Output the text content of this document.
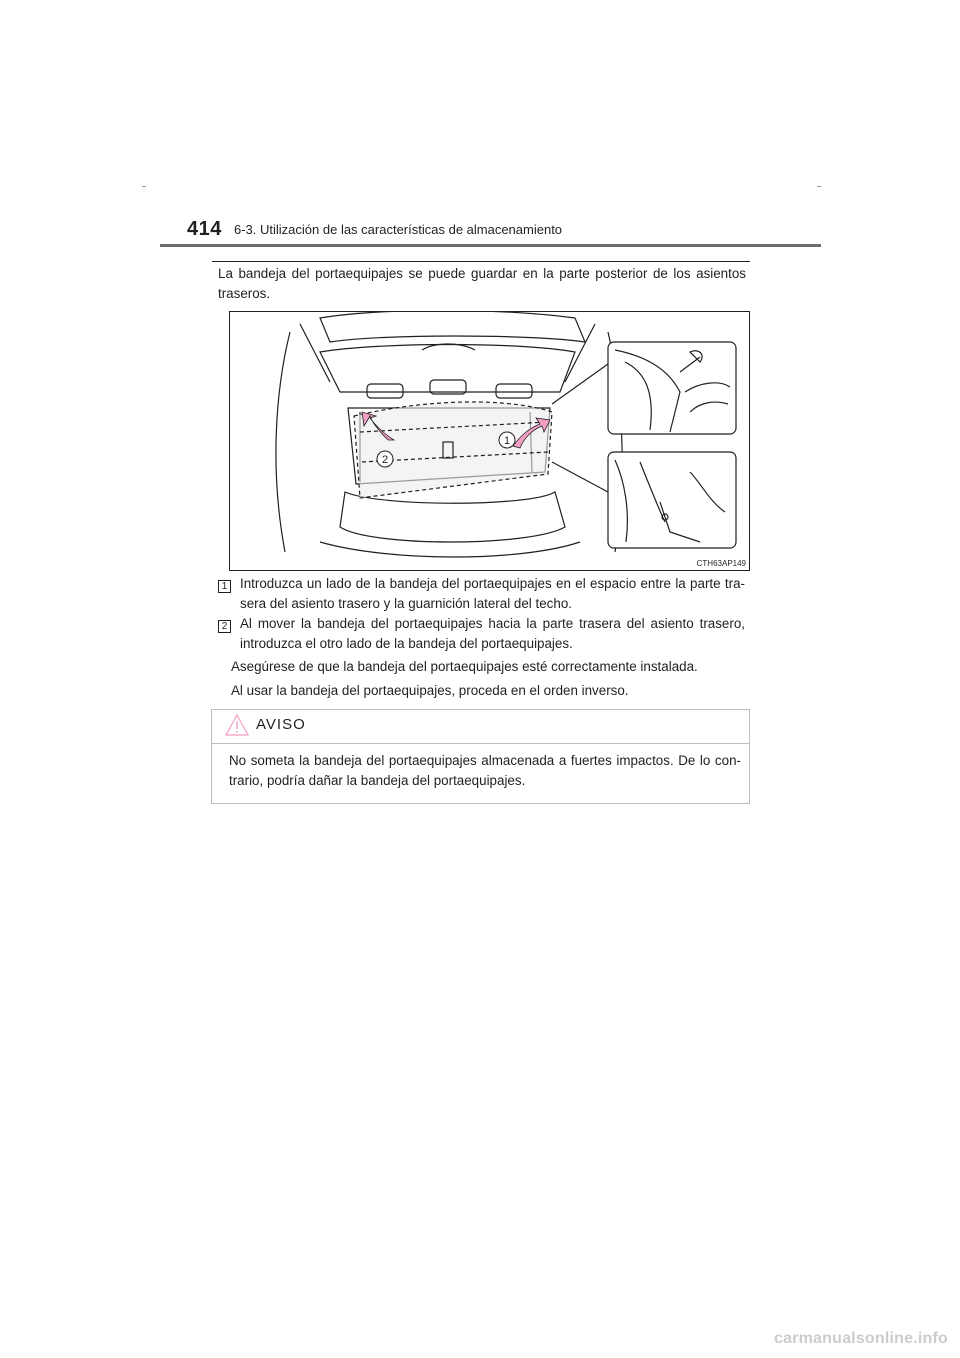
414 6-3. Utilización de las características de almacenamiento
La bandeja del portaequipajes se puede guardar en la parte posterior de los asientos traseros.
2
1
CTH63AP149
1 Introduzca un lado de la bandeja del portaequipajes en el espacio entre la parte tra-sera del asiento trasero y la guarnición lateral del techo.
2 Al mover la bandeja del portaequipajes hacia la parte trasera del asiento trasero, introduzca el otro lado de la bandeja del portaequipajes.
Asegúrese de que la bandeja del portaequipajes esté correctamente instalada.
Al usar la bandeja del portaequipajes, proceda en el orden inverso.
AVISO
No someta la bandeja del portaequipajes almacenada a fuertes impactos. De lo con-trario, podría dañar la bandeja del portaequipajes.
carmanualsonline.info
